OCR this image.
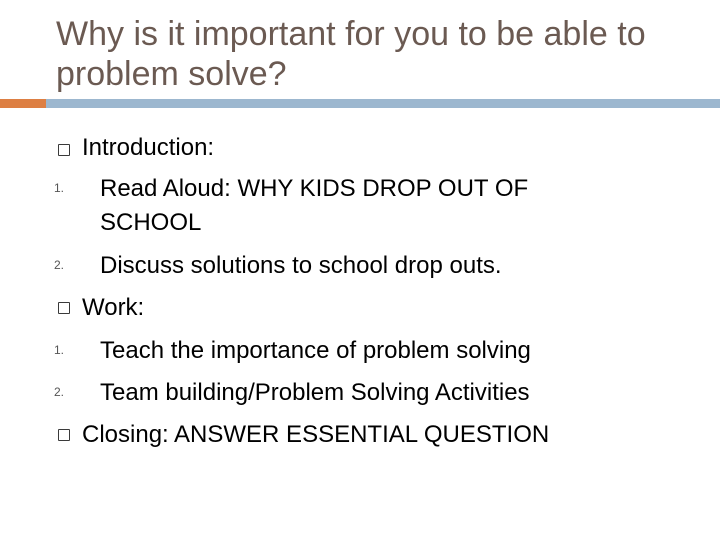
Why is it important for you to be able to problem solve?
Introduction:
1. Read Aloud: WHY KIDS DROP OUT OF
SCHOOL
2. Discuss solutions to school drop outs.
Work:
1. Teach the importance of problem solving
2. Team building/Problem Solving Activities
Closing: ANSWER ESSENTIAL QUESTION
